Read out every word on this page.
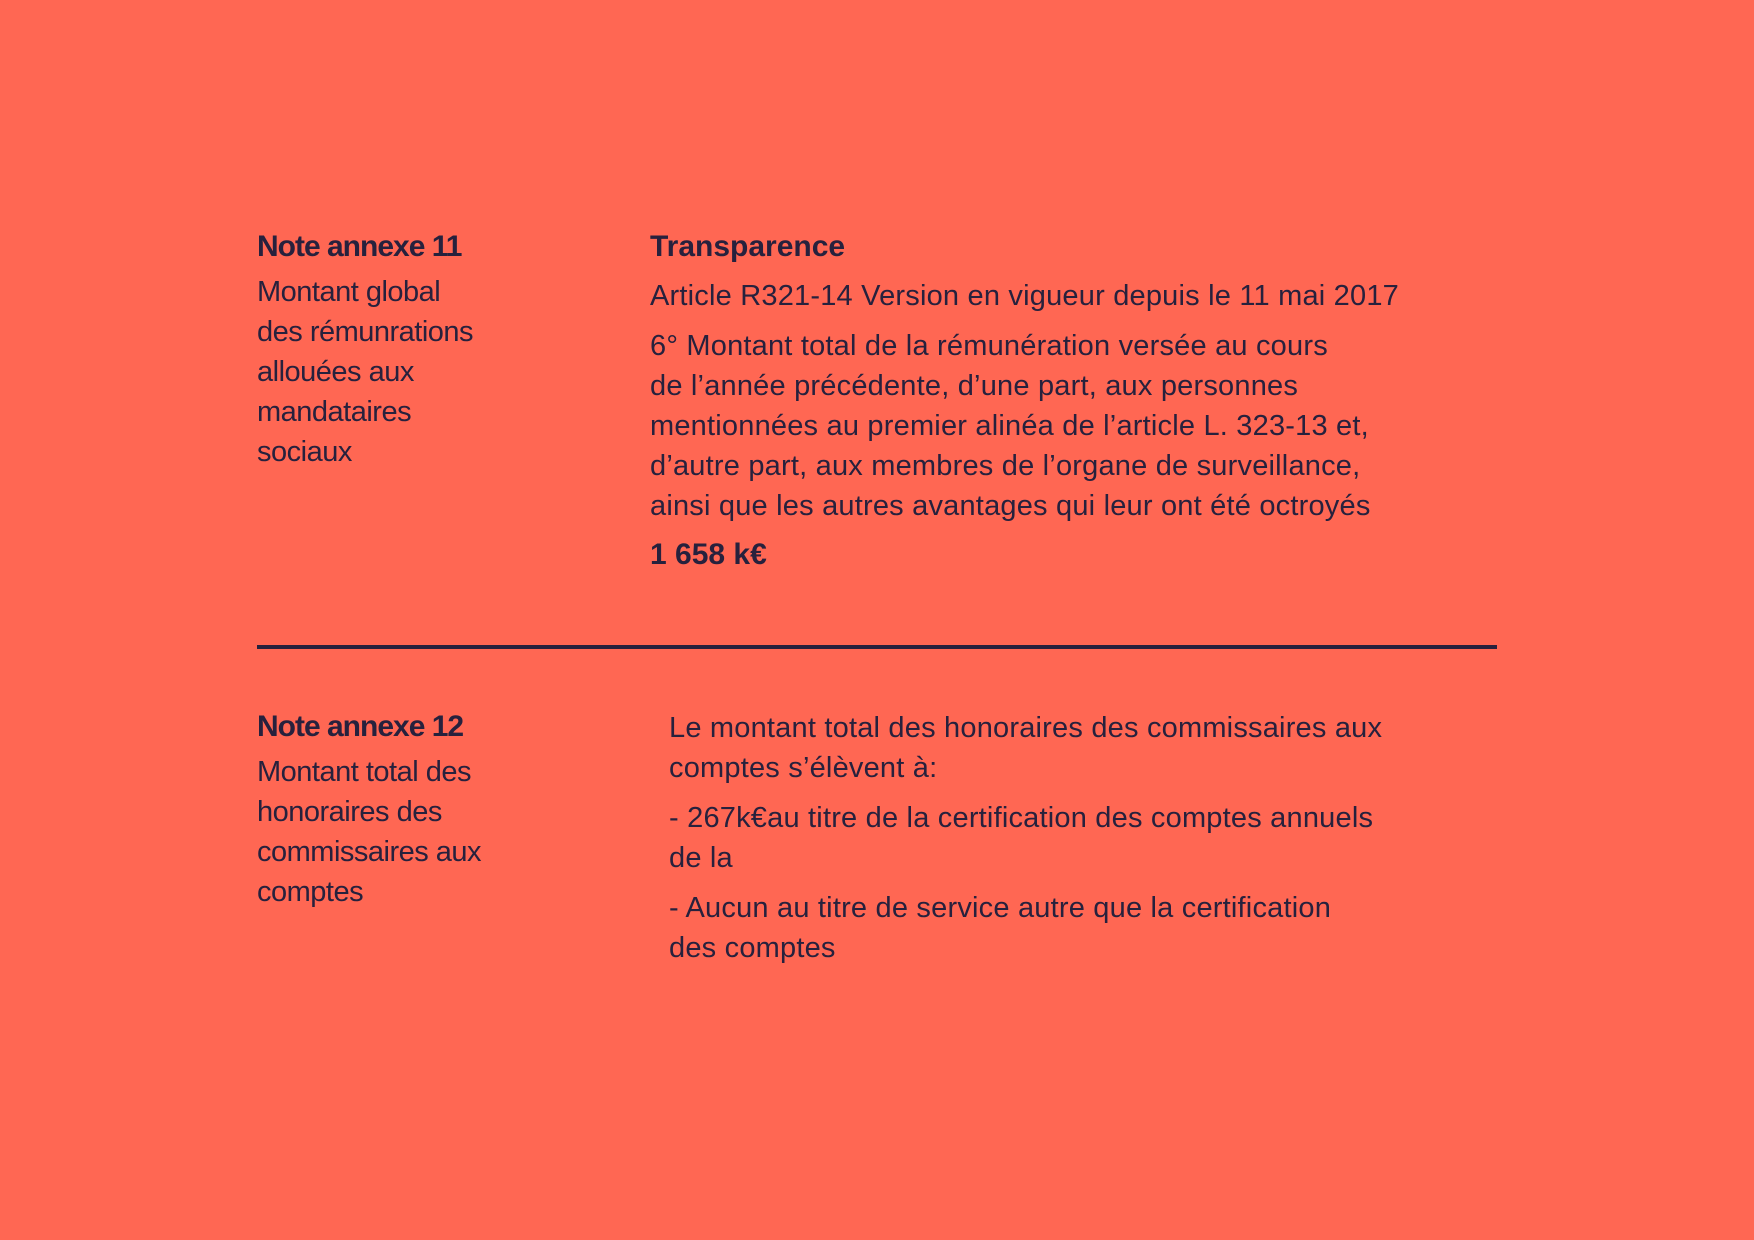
Note annexe 11

Montant global
des rémunrations
allouées aux
mandataires
sociaux

Transparence

Article R321-14 Version en vigueur depuis le 11 mai 2017

6° Montant total de la rémunération versée au cours
de l’année précédente, d’une part, aux personnes
mentionnées au premier alinéa de l’article L. 323-13 et,
d’autre part, aux membres de l’organe de surveillance,
ainsi que les autres avantages qui leur ont été octroyés

1 658 k€

Note annexe 12

Montant total des
honoraires des
commissaires aux
comptes

Le montant total des honoraires des commissaires aux
comptes s’élèvent à:

- 267k€au titre de la certification des comptes annuels
de la

- Aucun au titre de service autre que la certification
des comptes
